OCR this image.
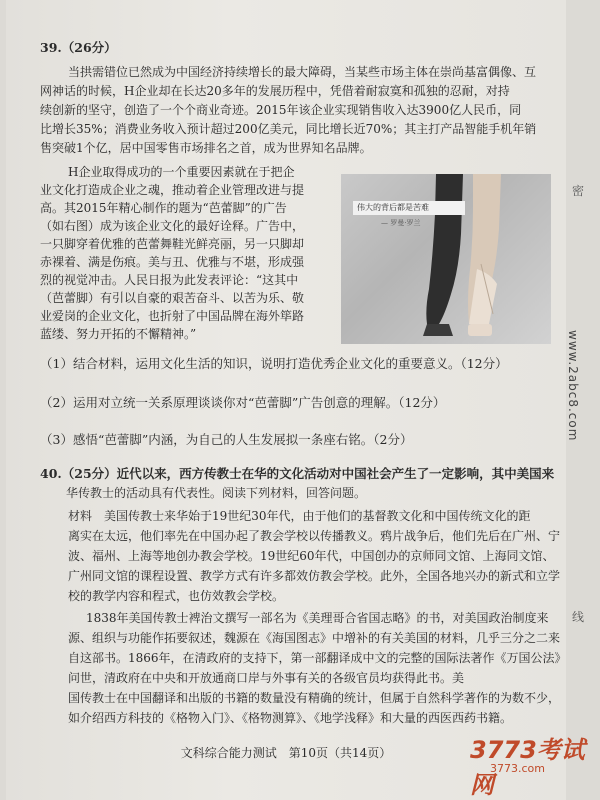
39.（26分）
当拱需错位已然成为中国经济持续增长的最大障碍，当某些市场主体在崇尚基富偶像、互
网神话的时候，H企业却在长达20多年的发展历程中，凭借着耐寂寞和孤独的忍耐，对持
续创新的坚守，创造了一个个商业奇迹。2015年该企业实现销售收入达3900亿人民币，同
比增长35%；消费业务收入预计超过200亿美元，同比增长近70%；其主打产品智能手机年销
售突破1个亿，居中国零售市场排名之首，成为世界知名品牌。
H企业取得成功的一个重要因素就在于把企
业文化打造成企业之魂，推动着企业管理改进与提
高。其2015年精心制作的题为“芭蕾脚”的广告
（如右图）成为该企业文化的最好诠释。广告中，
一只脚穿着优雅的芭蕾舞鞋光鲜亮丽，另一只脚却
赤裸着、满是伤痕。美与丑、优雅与不堪，形成强
烈的视觉冲击。人民日报为此发表评论：“这其中
（芭蕾脚）有引以自豪的艰苦奋斗、以苦为乐、敬
业爱岗的企业文化，也折射了中国品牌在海外筚路
蓝缕、努力开拓的不懈精神。”
伟大的背后都是苦难
— 罗曼·罗兰
（1）结合材料，运用文化生活的知识，说明打造优秀企业文化的重要意义。（12分）
（2）运用对立统一关系原理谈谈你对“芭蕾脚”广告创意的理解。（12分）
（3）感悟“芭蕾脚”内涵，为自己的人生发展拟一条座右铭。（2分）
40.（25分）近代以来，西方传教士在华的文化活动对中国社会产生了一定影响，其中美国来
华传教士的活动具有代表性。阅读下列材料，回答问题。
材料　美国传教士来华始于19世纪30年代，由于他们的基督教文化和中国传统文化的距
离实在太远，他们率先在中国办起了教会学校以传播教义。鸦片战争后，他们先后在广州、宁
波、福州、上海等地创办教会学校。19世纪60年代，中国创办的京师同文馆、上海同文馆、
广州同文馆的课程设置、教学方式有许多都效仿教会学校。此外，全国各地兴办的新式和立学
校的教学内容和程式，也仿效教会学校。
1838年美国传教士裨治文撰写一部名为《美理哥合省国志略》的书，对美国政治制度来
源、组织与功能作拓要叙述，魏源在《海国图志》中增补的有关美国的材料，几乎三分之二来
自这部书。1866年，在清政府的支持下，第一部翻译成中文的完整的国际法著作《万国公法》
问世，清政府在中央和开放通商口岸与外事有关的各级官员均获得此书。美
国传教士在中国翻译和出版的书籍的数量没有精确的统计，但属于自然科学著作的为数不少，
如介绍西方科技的《格物入门》、《格物测算》、《地学浅释》和大量的西医西药书籍。
文科综合能力测试　第10页（共14页）
密
www.2abc8.com
线
3773考试网
3773.com
